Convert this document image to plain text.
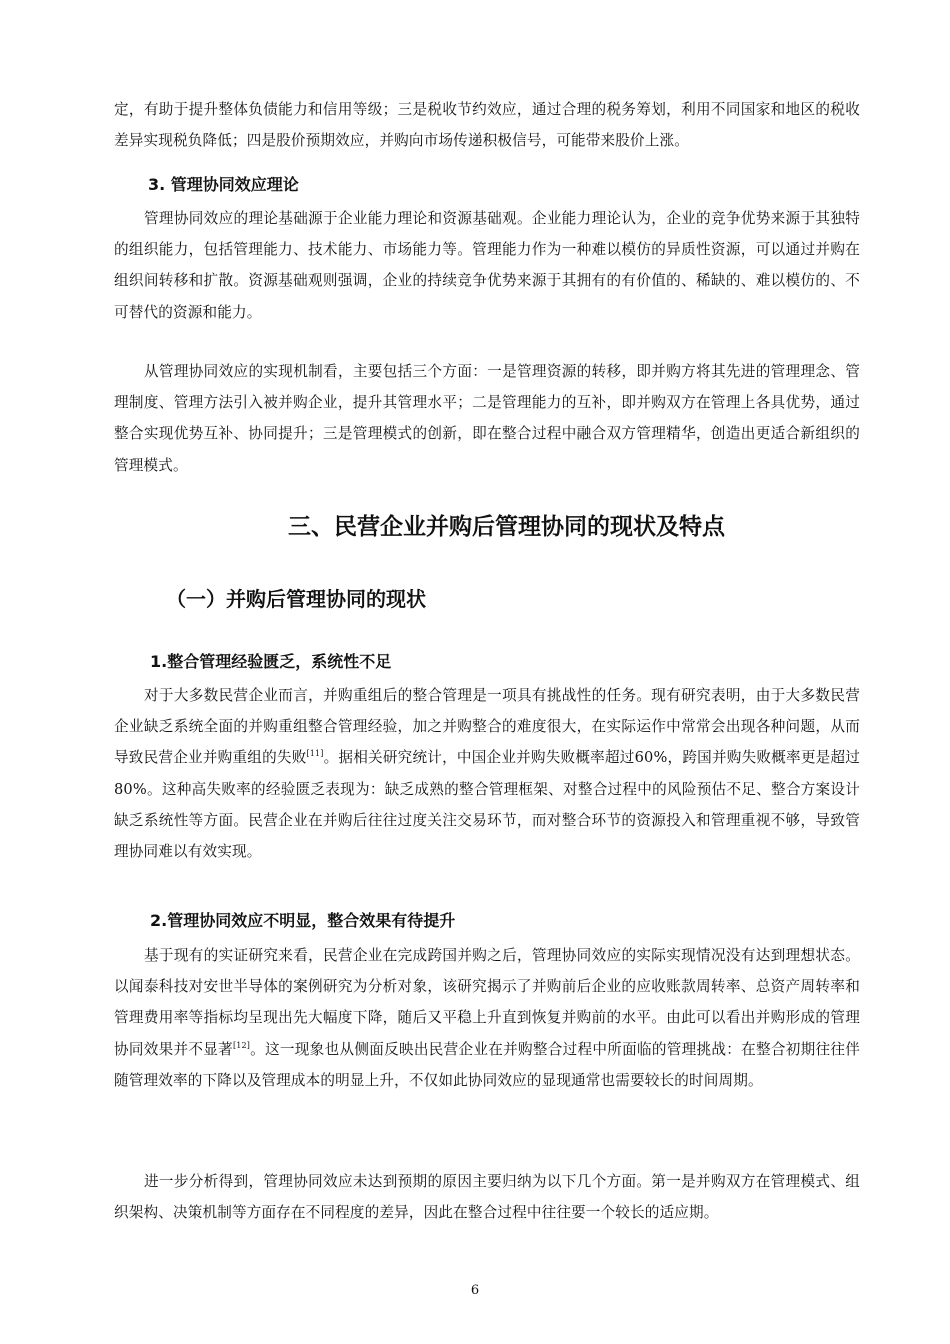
定，有助于提升整体负债能力和信用等级；三是税收节约效应，通过合理的税务筹划，利用不同国家和地区的税收差异实现税负降低；四是股价预期效应，并购向市场传递积极信号，可能带来股价上涨。

3. 管理协同效应理论

管理协同效应的理论基础源于企业能力理论和资源基础观。企业能力理论认为，企业的竞争优势来源于其独特的组织能力，包括管理能力、技术能力、市场能力等。管理能力作为一种难以模仿的异质性资源，可以通过并购在组织间转移和扩散。资源基础观则强调，企业的持续竞争优势来源于其拥有的有价值的、稀缺的、难以模仿的、不可替代的资源和能力。

从管理协同效应的实现机制看，主要包括三个方面：一是管理资源的转移，即并购方将其先进的管理理念、管理制度、管理方法引入被并购企业，提升其管理水平；二是管理能力的互补，即并购双方在管理上各具优势，通过整合实现优势互补、协同提升；三是管理模式的创新，即在整合过程中融合双方管理精华，创造出更适合新组织的管理模式。

三、民营企业并购后管理协同的现状及特点
（一）并购后管理协同的现状
1.整合管理经验匮乏，系统性不足

对于大多数民营企业而言，并购重组后的整合管理是一项具有挑战性的任务。现有研究表明，由于大多数民营企业缺乏系统全面的并购重组整合管理经验，加之并购整合的难度很大，在实际运作中常常会出现各种问题，从而导致民营企业并购重组的失败[11]。据相关研究统计，中国企业并购失败概率超过60%，跨国并购失败概率更是超过 80%。这种高失败率的经验匮乏表现为：缺乏成熟的整合管理框架、对整合过程中的风险预估不足、整合方案设计缺乏系统性等方面。民营企业在并购后往往过度关注交易环节，而对整合环节的资源投入和管理重视不够，导致管理协同难以有效实现。

2.管理协同效应不明显，整合效果有待提升

基于现有的实证研究来看，民营企业在完成跨国并购之后，管理协同效应的实际实现情况没有达到理想状态。以闻泰科技对安世半导体的案例研究为分析对象，该研究揭示了并购前后企业的应收账款周转率、总资产周转率和管理费用率等指标均呈现出先大幅度下降，随后又平稳上升直到恢复并购前的水平。由此可以看出并购形成的管理协同效果并不显著[12]。这一现象也从侧面反映出民营企业在并购整合过程中所面临的管理挑战：在整合初期往往伴随管理效率的下降以及管理成本的明显上升，不仅如此协同效应的显现通常也需要较长的时间周期。

进一步分析得到，管理协同效应未达到预期的原因主要归纳为以下几个方面。第一是并购双方在管理模式、组织架构、决策机制等方面存在不同程度的差异，因此在整合过程中往往要一个较长的适应期。

6
